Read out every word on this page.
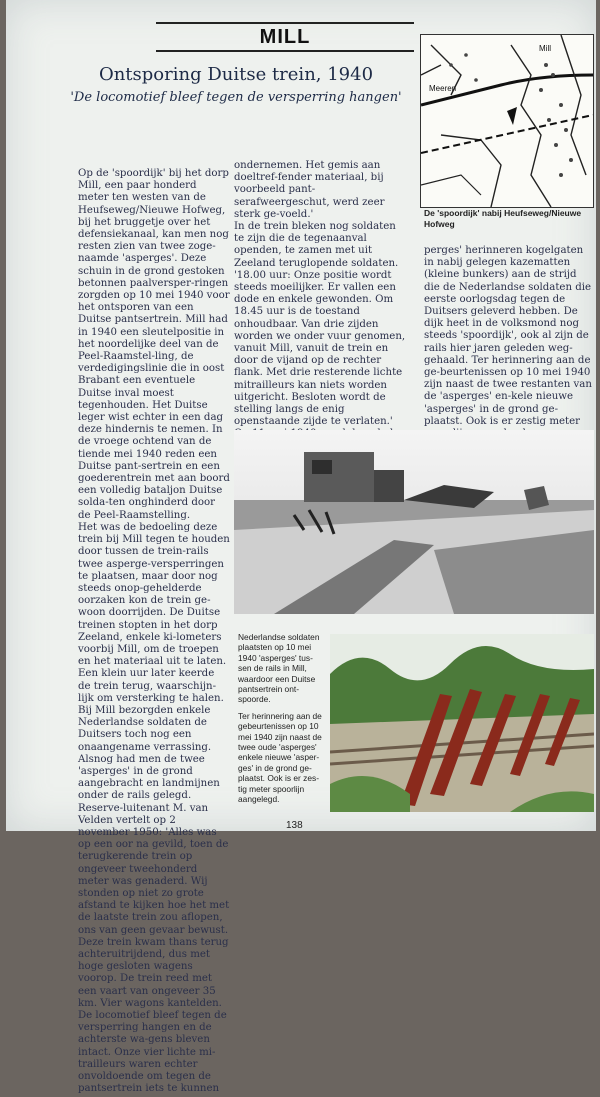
MILL
Ontsporing Duitse trein, 1940
'De locomotief bleef tegen de versperring hangen'
Mill
Meeren
De 'spoordijk' nabij Heufseweg/Nieuwe Hofweg

Op de 'spoordijk' bij het dorp Mill, een paar honderd meter ten westen van de Heufseweg/Nieuwe Hofweg, bij het bruggetje over het defensiekanaal, kan men nog resten zien van twee zoge-naamde 'asperges'. Deze schuin in de grond gestoken betonnen paalversper-ringen zorgden op 10 mei 1940 voor het ontsporen van een Duitse pantsertrein. Mill had in 1940 een sleutelpositie in het noordelijke deel van de Peel-Raamstel-ling, de verdedigingslinie die in oost Brabant een eventuele Duitse inval moest tegenhouden. Het Duitse leger wist echter in een dag deze hindernis te nemen. In de vroege ochtend van de tiende mei 1940 reden een Duitse pant-sertrein en een goederentrein met aan boord een volledig bataljon Duitse solda-ten onghinderd door de Peel-Raamstelling.
Het was de bedoeling deze trein bij Mill tegen te houden door tussen de trein-rails twee asperge-versperringen te plaatsen, maar door nog steeds onop-gehelderde oorzaken kon de trein ge-woon doorrijden. De Duitse treinen stopten in het dorp Zeeland, enkele ki-lometers voorbij Mill, om de troepen en het materiaal uit te laten. Een klein uur later keerde de trein terug, waarschijn-lijk om versterking te halen. Bij Mill bezorgden enkele Nederlandse soldaten de Duitsers toch nog een onaangename verrassing. Alsnog had men de twee 'asperges' in de grond aangebracht en landmijnen onder de rails gelegd. Reserve-luitenant M. van Velden vertelt op 2 november 1950: 'Alles was op een oor na gevild, toen de terugkerende trein op ongeveer tweehonderd meter was genaderd. Wij stonden op niet zo grote afstand te kijken hoe het met de laatste trein zou aflopen, ons van geen gevaar bewust. Deze trein kwam thans terug achteruitrijdend, dus met hoge gesloten wagens voorop. De trein reed met een vaart van ongeveer 35 km. Vier wagons kantelden. De locomotief bleef tegen de versperring hangen en de achterste wa-gens bleven intact. Onze vier lichte mi-trailleurs waren echter onvoldoende om tegen de pantsertrein iets te kunnen

ondernemen. Het gemis aan doeltref-fender materiaal, bij voorbeeld pant-serafweergeschut, werd zeer sterk ge-voeld.'
In de trein bleken nog soldaten te zijn die de tegenaanval openden, te zamen met uit Zeeland teruglopende soldaten. '18.00 uur: Onze positie wordt steeds moeilijker. Er vallen een dode en enkele gewonden. Om 18.45 uur is de toestand onhoudbaar. Van drie zijden worden we onder vuur genomen, vanuit Mill, vanuit de trein en door de vijand op de rechter flank. Met drie resterende lichte mitrailleurs kan niets worden uitgericht. Besloten wordt de stelling langs de enig openstaande zijde te verlaten.'

perges' herinneren kogelgaten in nabij gelegen kazematten (kleine bunkers) aan de strijd die de Nederlandse soldaten die eerste oorlogsdag tegen de Duitsers geleverd hebben. De dijk heet in de volksmond nog steeds 'spoordijk', ook al zijn de rails hier jaren geleden weg-gehaald. Ter herinnering aan de ge-beurtenissen op 10 mei 1940 zijn naast de twee restanten van de 'asperges' en-kele nieuwe 'asperges' in de grond ge-plaatst. Ook is er zestig meter

Nederlandse soldaten plaatsten op 10 mei 1940 'asperges' tus-sen de rails in Mill, waardoor een Duitse pantsertrein ont-spoorde.

Ter herinnering aan de gebeurtenissen op 10 mei 1940 zijn naast de twee oude 'asperges' enkele nieuwe 'asper-ges' in de grond ge-plaatst. Ook is er zes-tig meter spoorlijn aangelegd.

138
